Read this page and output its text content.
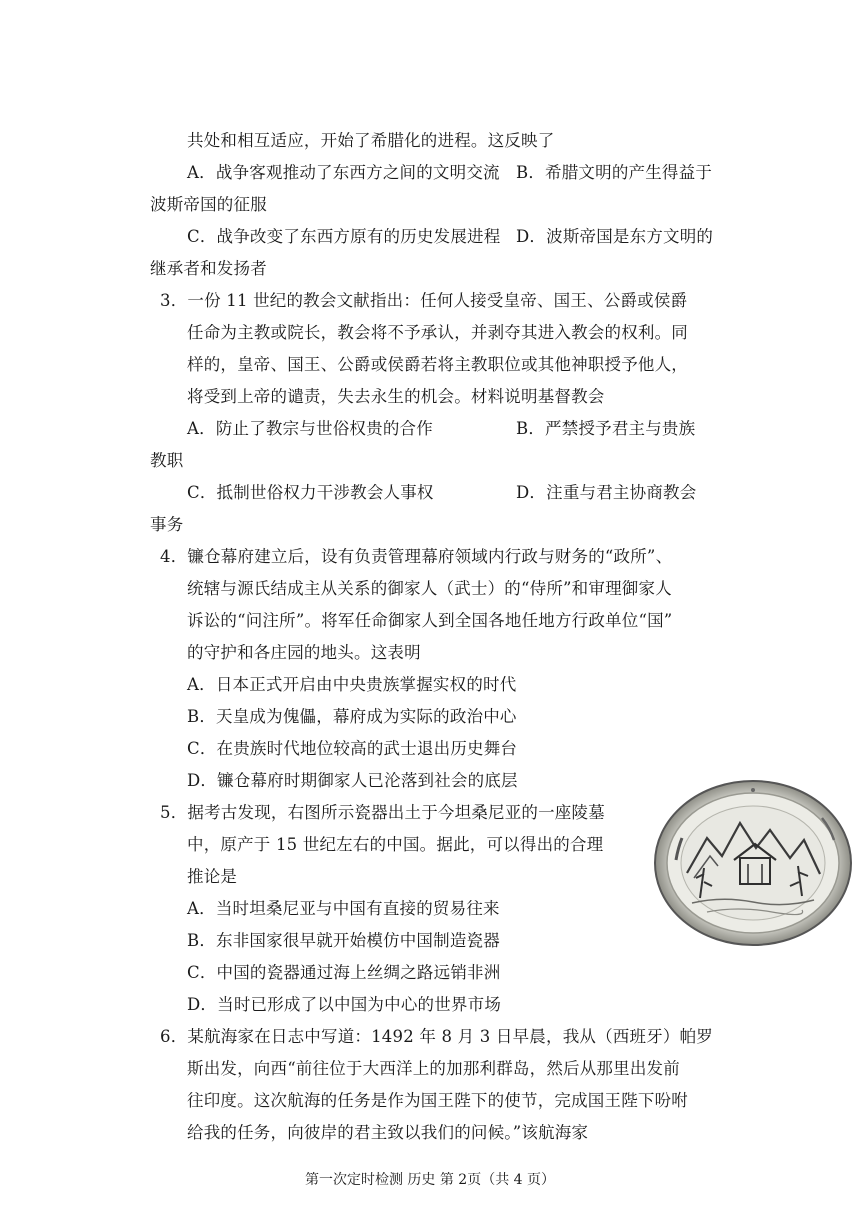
共处和相互适应，开始了希腊化的进程。这反映了
A．战争客观推动了东西方之间的文明交流 B．希腊文明的产生得益于
波斯帝国的征服
C．战争改变了东西方原有的历史发展进程 D．波斯帝国是东方文明的
继承者和发扬者
3．一份 11 世纪的教会文献指出：任何人接受皇帝、国王、公爵或侯爵
任命为主教或院长，教会将不予承认，并剥夺其进入教会的权利。同
样的，皇帝、国王、公爵或侯爵若将主教职位或其他神职授予他人，
将受到上帝的谴责，失去永生的机会。材料说明基督教会
A．防止了教宗与世俗权贵的合作	B．严禁授予君主与贵族
教职
C．抵制世俗权力干涉教会人事权	D．注重与君主协商教会
事务
4．镰仓幕府建立后，设有负责管理幕府领域内行政与财务的“政所”、
统辖与源氏结成主从关系的御家人（武士）的“侍所”和审理御家人
诉讼的“问注所”。将军任命御家人到全国各地任地方行政单位“国”
的守护和各庄园的地头。这表明
A．日本正式开启由中央贵族掌握实权的时代
B．天皇成为傀儡，幕府成为实际的政治中心
C．在贵族时代地位较高的武士退出历史舞台
D．镰仓幕府时期御家人已沦落到社会的底层
5．据考古发现，右图所示瓷器出土于今坦桑尼亚的一座陵墓
中，原产于 15 世纪左右的中国。据此，可以得出的合理
推论是
A．当时坦桑尼亚与中国有直接的贸易往来
B．东非国家很早就开始模仿中国制造瓷器
C．中国的瓷器通过海上丝绸之路远销非洲
D．当时已形成了以中国为中心的世界市场
6．某航海家在日志中写道：1492 年 8 月 3 日早晨，我从（西班牙）帕罗
斯出发，向西“前往位于大西洋上的加那利群岛，然后从那里出发前
往印度。这次航海的任务是作为国王陛下的使节，完成国王陛下吩咐
给我的任务，向彼岸的君主致以我们的问候。”该航海家
第一次定时检测 历史 第 2页（共 4 页）
